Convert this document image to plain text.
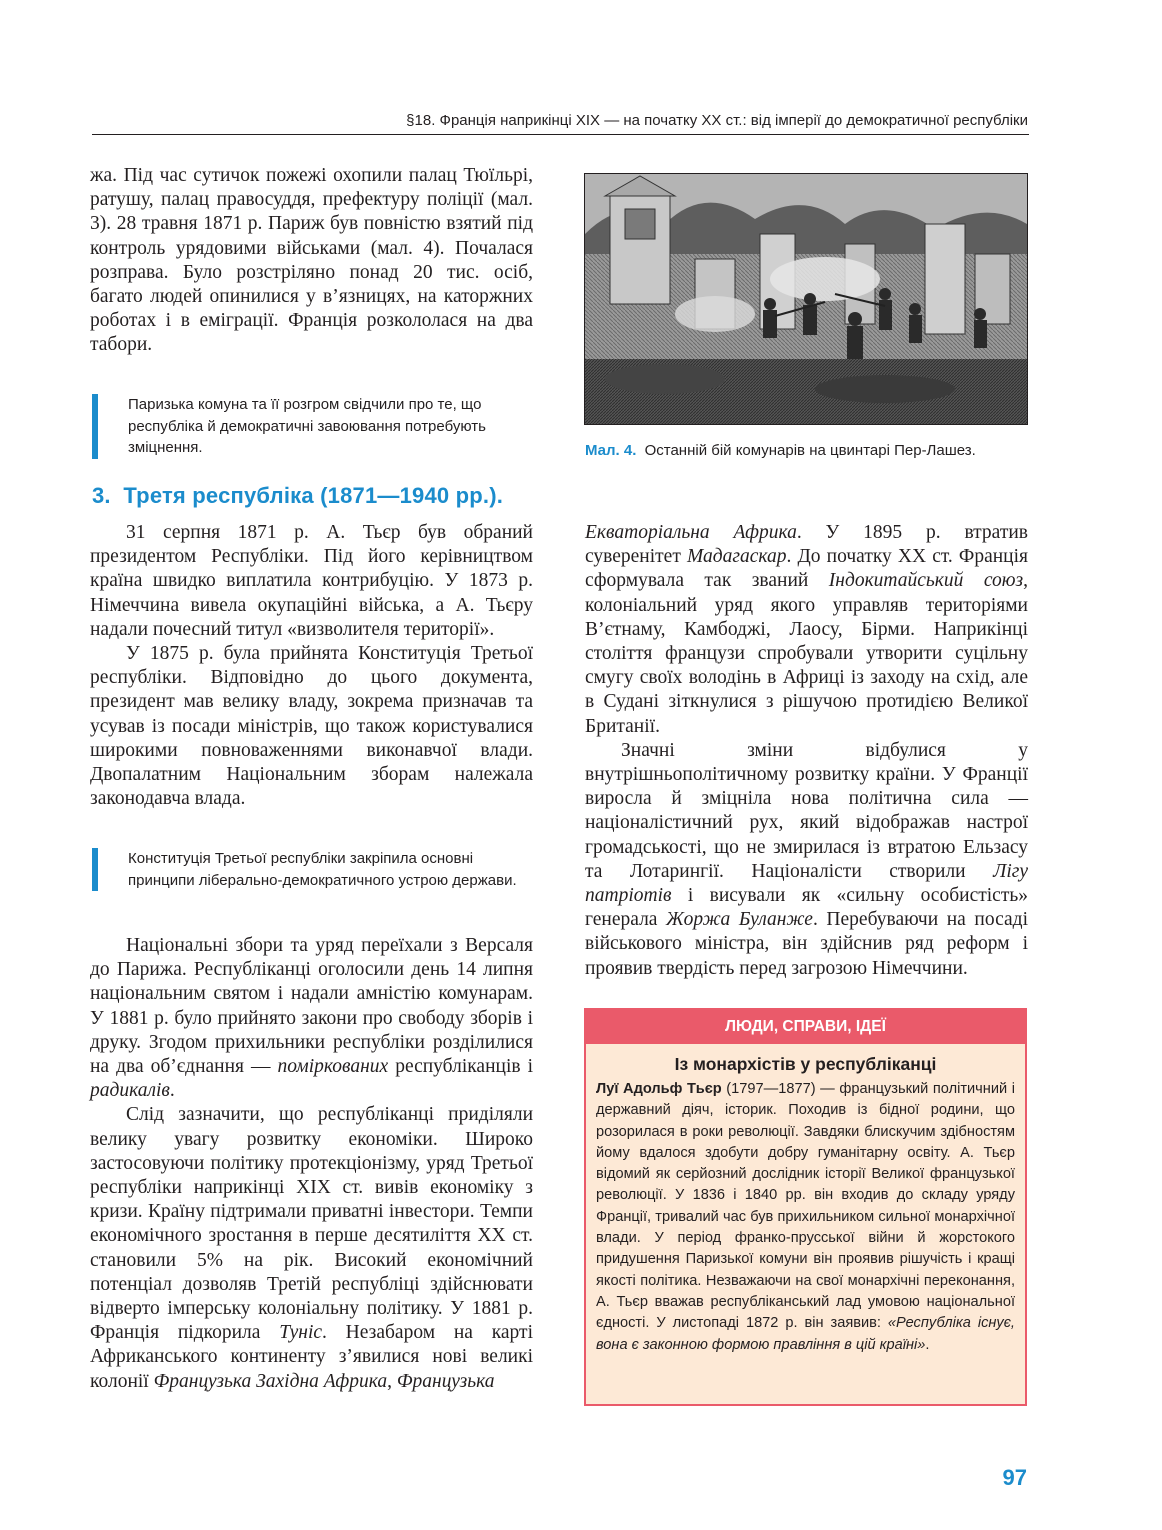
§18. Франція наприкінці XIX — на початку XX ст.: від імперії до демократичної республіки

жа. Під час сутичок пожежі охопили палац Тюїльрі, ратушу, палац правосуддя, префектуру поліції (мал. 3). 28 травня 1871 р. Париж був повністю взятий під контроль урядовими військами (мал. 4). Почалася розправа. Було розстріляно понад 20 тис. осіб, багато людей опинилися у в’язницях, на каторжних роботах і в еміграції. Франція розкололася на два табори.

Паризька комуна та її розгром свідчили про те, що республіка й демократичні завоювання потребують зміцнення.
3. Третя республіка (1871—1940 рр.).
Мал. 4. Останній бій комунарів на цвинтарі Пер-Лашез.

31 серпня 1871 р. А. Тьєр був обраний президентом Республіки. Під його керівництвом країна швидко виплатила контрибуцію. У 1873 р. Німеччина вивела окупаційні війська, а А. Тьєру надали почесний титул «визволителя території».

У 1875 р. була прийнята Конституція Третьої республіки. Відповідно до цього документа, президент мав велику владу, зокрема призначав та усував із посади міністрів, що також користувалися широкими повноваженнями виконавчої влади. Двопалатним Національним зборам належала законодавча влада.

Конституція Третьої республіки закріпила основні принципи ліберально-демократичного устрою держави.

Національні збори та уряд переїхали з Версаля до Парижа. Республіканці оголосили день 14 липня національним святом і надали амністію комунарам. У 1881 р. було прийнято закони про свободу зборів і друку. Згодом прихильники республіки розділилися на два об’єднання — поміркованих республіканців і радикалів.

Слід зазначити, що республіканці приділяли велику увагу розвитку економіки. Широко застосовуючи політику протекціонізму, уряд Третьої республіки наприкінці XIX ст. вивів економіку з кризи. Країну підтримали приватні інвестори. Темпи економічного зростання в перше десятиліття XX ст. становили 5% на рік. Високий економічний потенціал дозволяв Третій республіці здійснювати відверто імперську колоніальну політику. У 1881 р. Франція підкорила Туніс. Незабаром на карті Африканського континенту з’явилися нові великі колонії Французька Західна Африка, Французька

Екваторіальна Африка. У 1895 р. втратив суверенітет Мадагаскар. До початку XX ст. Франція сформувала так званий Індокитайський союз, колоніальний уряд якого управляв територіями В’єтнаму, Камбоджі, Лаосу, Бірми. Наприкінці століття французи спробували утворити суцільну смугу своїх володінь в Африці із заходу на схід, але в Судані зіткнулися з рішучою протидією Великої Британії.

Значні зміни відбулися у внутрішньополітичному розвитку країни. У Франції виросла й зміцніла нова політична сила — націоналістичний рух, який відображав настрої громадськості, що не змирилася із втратою Ельзасу та Лотарингії. Націоналісти створили Лігу патріотів і висували як «сильну особистість» генерала Жоржа Буланже. Перебуваючи на посаді військового міністра, він здійснив ряд реформ і проявив твердість перед загрозою Німеччини.

ЛЮДИ, СПРАВИ, ІДЕЇ
Із монархістів у республіканці
Луї Адольф Тьєр (1797—1877) — французький політичний і державний діяч, історик. Походив із бідної родини, що розорилася в роки революції. Завдяки блискучим здібностям йому вдалося здобути добру гуманітарну освіту. А. Тьєр відомий як серйозний дослідник історії Великої французької революції. У 1836 і 1840 рр. він входив до складу уряду Франції, тривалий час був прихильником сильної монархічної влади. У період франко-прусської війни й жорстокого придушення Паризької комуни він проявив рішучість і кращі якості політика. Незважаючи на свої монархічні переконання, А. Тьєр вважав республіканський лад умовою національної єдності. У листопаді 1872 р. він заявив: «Республіка існує, вона є законною формою правління в цій країні».
97
